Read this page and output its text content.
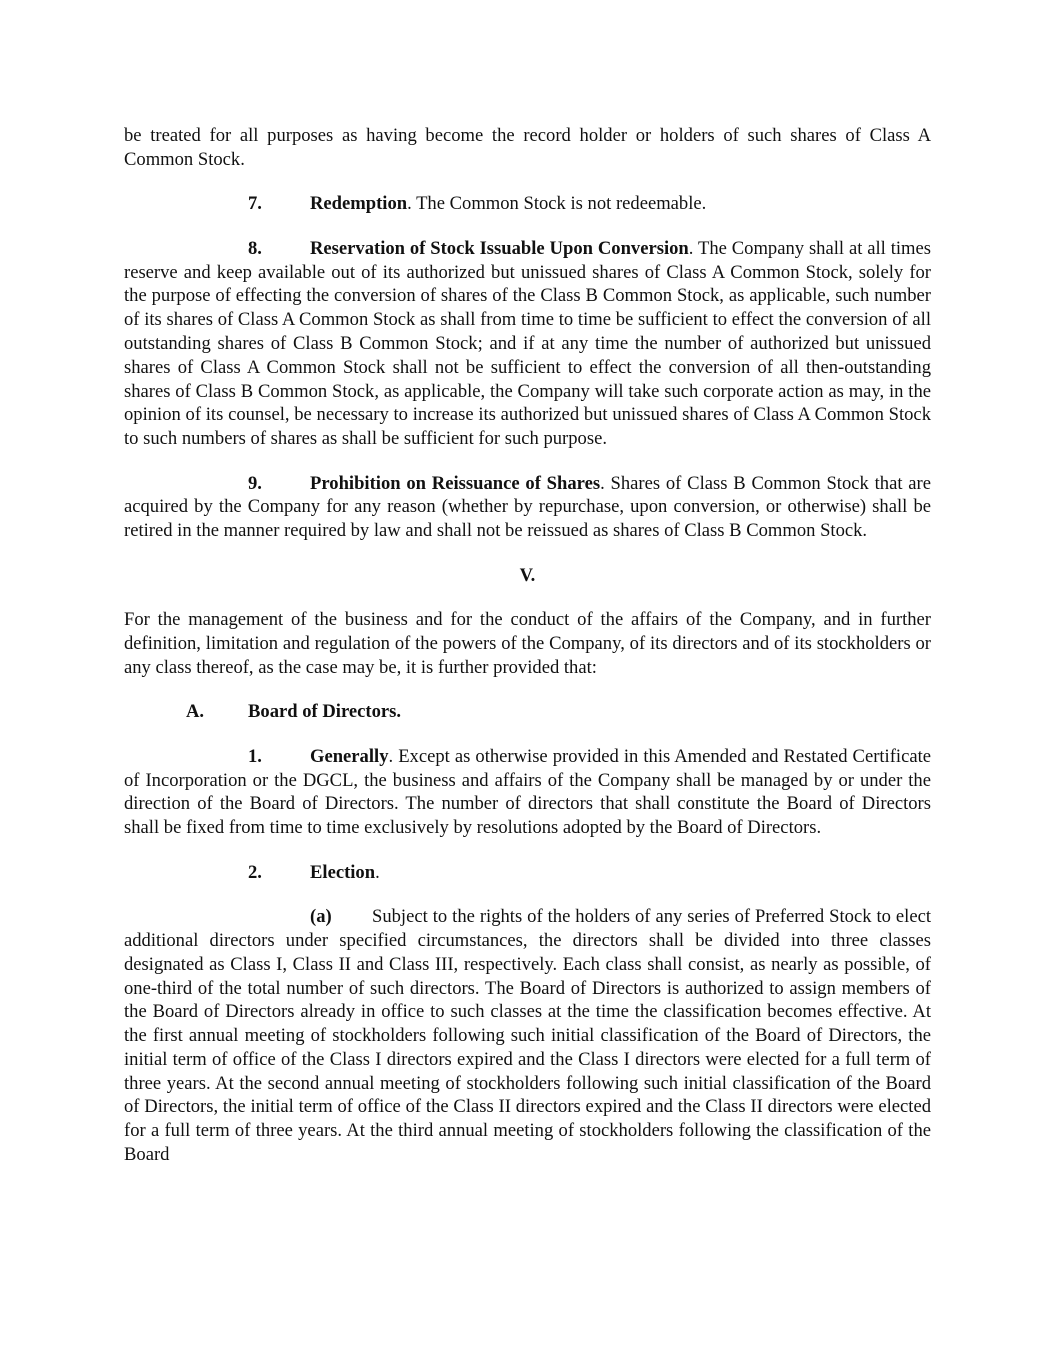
be treated for all purposes as having become the record holder or holders of such shares of Class A Common Stock.

7.	Redemption. The Common Stock is not redeemable.

8.	Reservation of Stock Issuable Upon Conversion. The Company shall at all times reserve and keep available out of its authorized but unissued shares of Class A Common Stock, solely for the purpose of effecting the conversion of shares of the Class B Common Stock, as applicable, such number of its shares of Class A Common Stock as shall from time to time be sufficient to effect the conversion of all outstanding shares of Class B Common Stock; and if at any time the number of authorized but unissued shares of Class A Common Stock shall not be sufficient to effect the conversion of all then-outstanding shares of Class B Common Stock, as applicable, the Company will take such corporate action as may, in the opinion of its counsel, be necessary to increase its authorized but unissued shares of Class A Common Stock to such numbers of shares as shall be sufficient for such purpose.

9.	Prohibition on Reissuance of Shares. Shares of Class B Common Stock that are acquired by the Company for any reason (whether by repurchase, upon conversion, or otherwise) shall be retired in the manner required by law and shall not be reissued as shares of Class B Common Stock.

V.

For the management of the business and for the conduct of the affairs of the Company, and in further definition, limitation and regulation of the powers of the Company, of its directors and of its stockholders or any class thereof, as the case may be, it is further provided that:

A. Board of Directors.

1.	Generally. Except as otherwise provided in this Amended and Restated Certificate of Incorporation or the DGCL, the business and affairs of the Company shall be managed by or under the direction of the Board of Directors. The number of directors that shall constitute the Board of Directors shall be fixed from time to time exclusively by resolutions adopted by the Board of Directors.

2.	Election.

(a) Subject to the rights of the holders of any series of Preferred Stock to elect additional directors under specified circumstances, the directors shall be divided into three classes designated as Class I, Class II and Class III, respectively. Each class shall consist, as nearly as possible, of one-third of the total number of such directors. The Board of Directors is authorized to assign members of the Board of Directors already in office to such classes at the time the classification becomes effective. At the first annual meeting of stockholders following such initial classification of the Board of Directors, the initial term of office of the Class I directors expired and the Class I directors were elected for a full term of three years. At the second annual meeting of stockholders following such initial classification of the Board of Directors, the initial term of office of the Class II directors expired and the Class II directors were elected for a full term of three years. At the third annual meeting of stockholders following the classification of the Board
